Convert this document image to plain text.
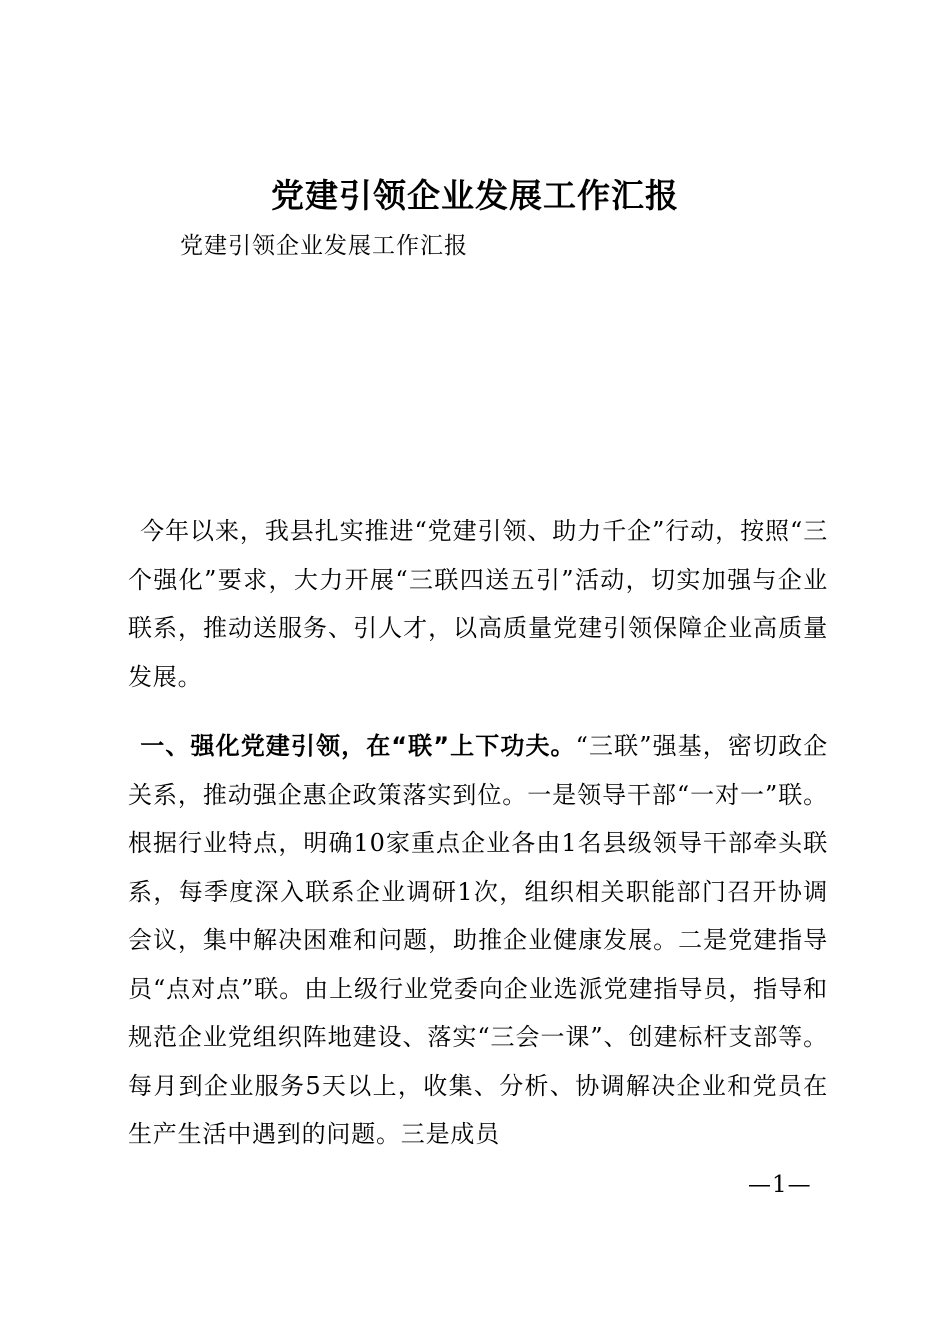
党建引领企业发展工作汇报
党建引领企业发展工作汇报

今年以来，我县扎实推进“党建引领、助力千企”行动，按照“三个强化”要求，大力开展“三联四送五引”活动，切实加强与企业联系，推动送服务、引人才，以高质量党建引领保障企业高质量发展。

一、强化党建引领，在“联”上下功夫。“三联”强基，密切政企关系，推动强企惠企政策落实到位。一是领导干部“一对一”联。根据行业特点，明确10家重点企业各由1名县级领导干部牵头联系，每季度深入联系企业调研1次，组织相关职能部门召开协调会议，集中解决困难和问题，助推企业健康发展。二是党建指导员“点对点”联。由上级行业党委向企业选派党建指导员，指导和规范企业党组织阵地建设、落实“三会一课”、创建标杆支部等。每月到企业服务5天以上，收集、分析、协调解决企业和党员在生产生活中遇到的问题。三是成员

—1—
